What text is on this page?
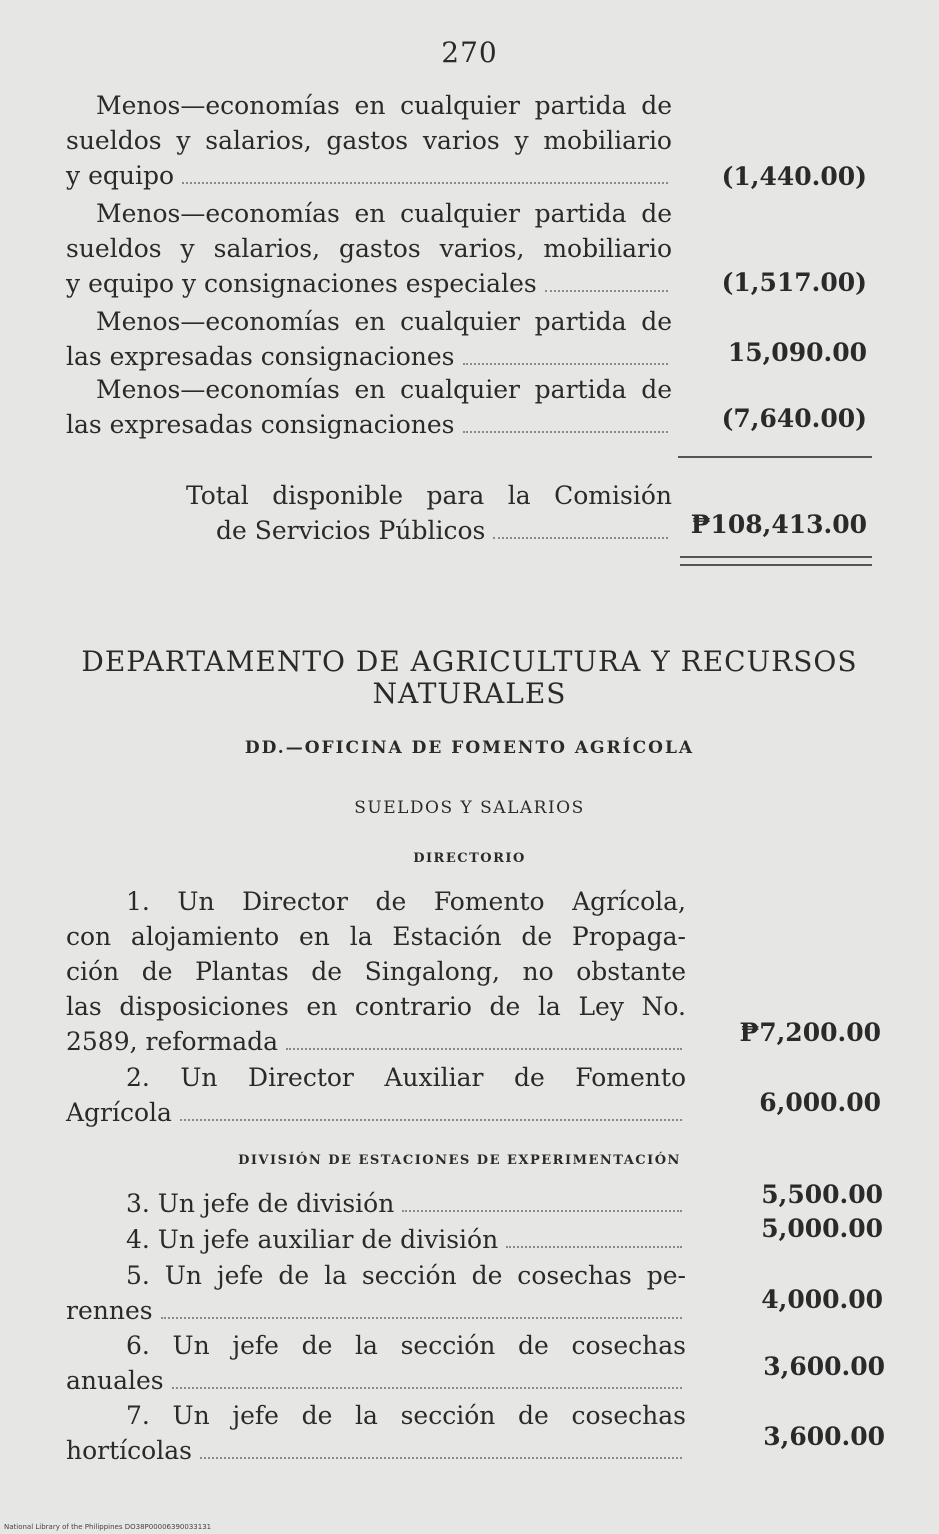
270
Menos—economías en cualquier partida de
sueldos y salarios, gastos varios y mobiliario
y equipo	(1,440.00)
Menos—economías en cualquier partida de
sueldos y salarios, gastos varios, mobiliario
y equipo y consignaciones especiales	(1,517.00)
Menos—economías en cualquier partida de
las expresadas consignaciones	15,090.00
Menos—economías en cualquier partida de
las expresadas consignaciones	(7,640.00)
Total disponible para la Comisión
de Servicios Públicos	₱108,413.00
DEPARTAMENTO DE AGRICULTURA Y RECURSOS
NATURALES
DD.—OFICINA DE FOMENTO AGRÍCOLA
SUELDOS Y SALARIOS
DIRECTORIO
1. Un Director de Fomento Agrícola,
con alojamiento en la Estación de Propaga-
ción de Plantas de Singalong, no obstante
las disposiciones en contrario de la Ley No.
2589, reformada	₱7,200.00
2. Un Director Auxiliar de Fomento
Agrícola	6,000.00
DIVISIÓN DE ESTACIONES DE EXPERIMENTACIÓN
3. Un jefe de división	5,500.00
4. Un jefe auxiliar de división	5,000.00
5. Un jefe de la sección de cosechas pe-
rennes	4,000.00
6. Un jefe de la sección de cosechas
anuales	3,600.00
7. Un jefe de la sección de cosechas
hortícolas	3,600.00
National Library of the Philippines DO38P00006390033131
